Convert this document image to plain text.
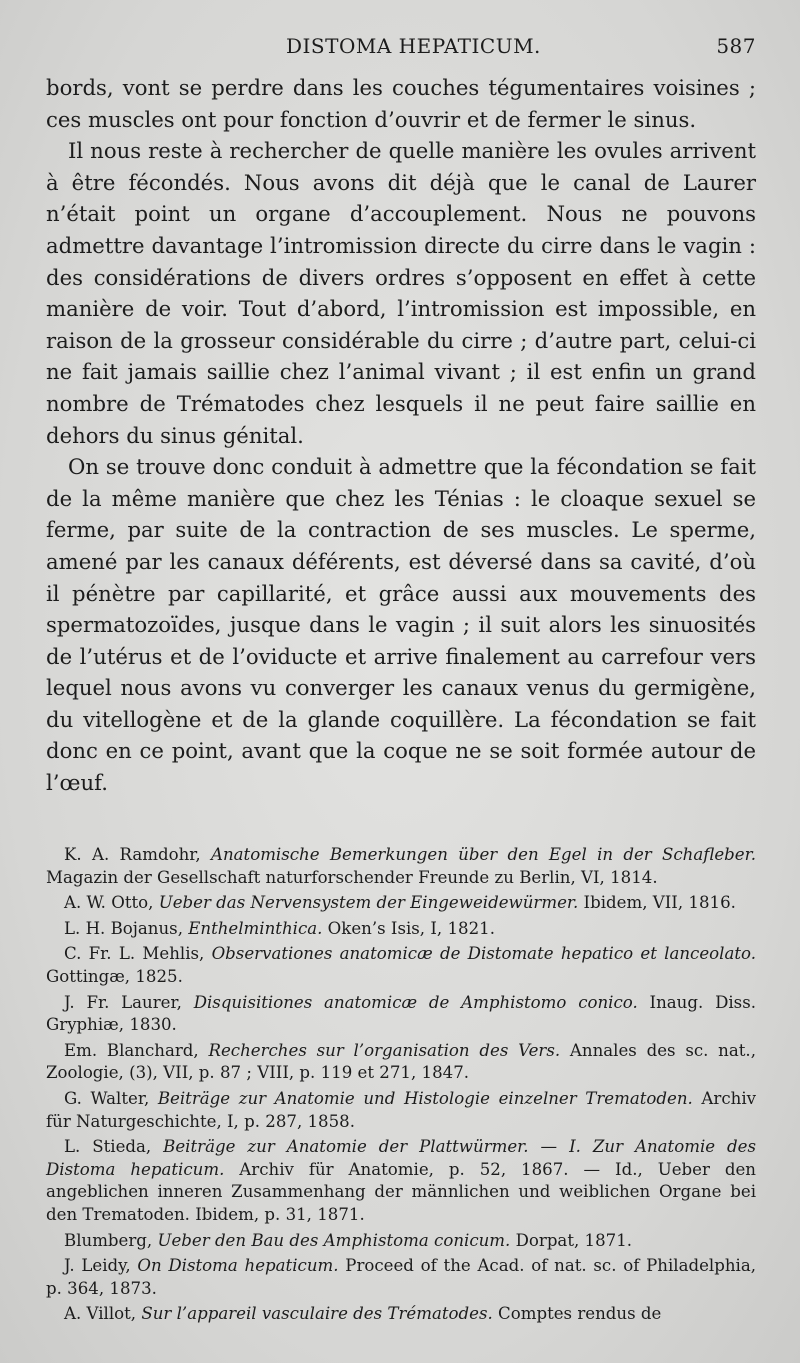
DISTOMA HEPATICUM.	587

bords, vont se perdre dans les couches tégumentaires voisines ; ces muscles ont pour fonction d’ouvrir et de fermer le sinus.

Il nous reste à rechercher de quelle manière les ovules arrivent à être fécondés. Nous avons dit déjà que le canal de Laurer n’était point un organe d’accouplement. Nous ne pouvons admettre davantage l’intromission directe du cirre dans le vagin : des considérations de divers ordres s’opposent en effet à cette manière de voir. Tout d’abord, l’intromission est impossible, en raison de la grosseur considérable du cirre ; d’autre part, celui-ci ne fait jamais saillie chez l’animal vivant ; il est enfin un grand nombre de Trématodes chez lesquels il ne peut faire saillie en dehors du sinus génital.

On se trouve donc conduit à admettre que la fécondation se fait de la même manière que chez les Ténias : le cloaque sexuel se ferme, par suite de la contraction de ses muscles. Le sperme, amené par les canaux déférents, est déversé dans sa cavité, d’où il pénètre par capillarité, et grâce aussi aux mouvements des spermatozoïdes, jusque dans le vagin ; il suit alors les sinuosités de l’utérus et de l’oviducte et arrive finalement au carrefour vers lequel nous avons vu converger les canaux venus du germigène, du vitellogène et de la glande coquillère. La fécondation se fait donc en ce point, avant que la coque ne se soit formée autour de l’œuf.

K. A. Ramdohr, Anatomische Bemerkungen über den Egel in der Schafleber. Magazin der Gesellschaft naturforschender Freunde zu Berlin, VI, 1814.

A. W. Otto, Ueber das Nervensystem der Eingeweidewürmer. Ibidem, VII, 1816.

L. H. Bojanus, Enthelminthica. Oken’s Isis, I, 1821.

C. Fr. L. Mehlis, Observationes anatomicæ de Distomate hepatico et lanceolato. Gottingæ, 1825.

J. Fr. Laurer, Disquisitiones anatomicæ de Amphistomo conico. Inaug. Diss. Gryphiæ, 1830.

Em. Blanchard, Recherches sur l’organisation des Vers. Annales des sc. nat., Zoologie, (3), VII, p. 87 ; VIII, p. 119 et 271, 1847.

G. Walter, Beiträge zur Anatomie und Histologie einzelner Trematoden. Archiv für Naturgeschichte, I, p. 287, 1858.

L. Stieda, Beiträge zur Anatomie der Plattwürmer. — I. Zur Anatomie des Distoma hepaticum. Archiv für Anatomie, p. 52, 1867. — Id., Ueber den angeblichen inneren Zusammenhang der männlichen und weiblichen Organe bei den Trematoden. Ibidem, p. 31, 1871.

Blumberg, Ueber den Bau des Amphistoma conicum. Dorpat, 1871.

J. Leidy, On Distoma hepaticum. Proceed of the Acad. of nat. sc. of Philadelphia, p. 364, 1873.

A. Villot, Sur l’appareil vasculaire des Trématodes. Comptes rendus de
